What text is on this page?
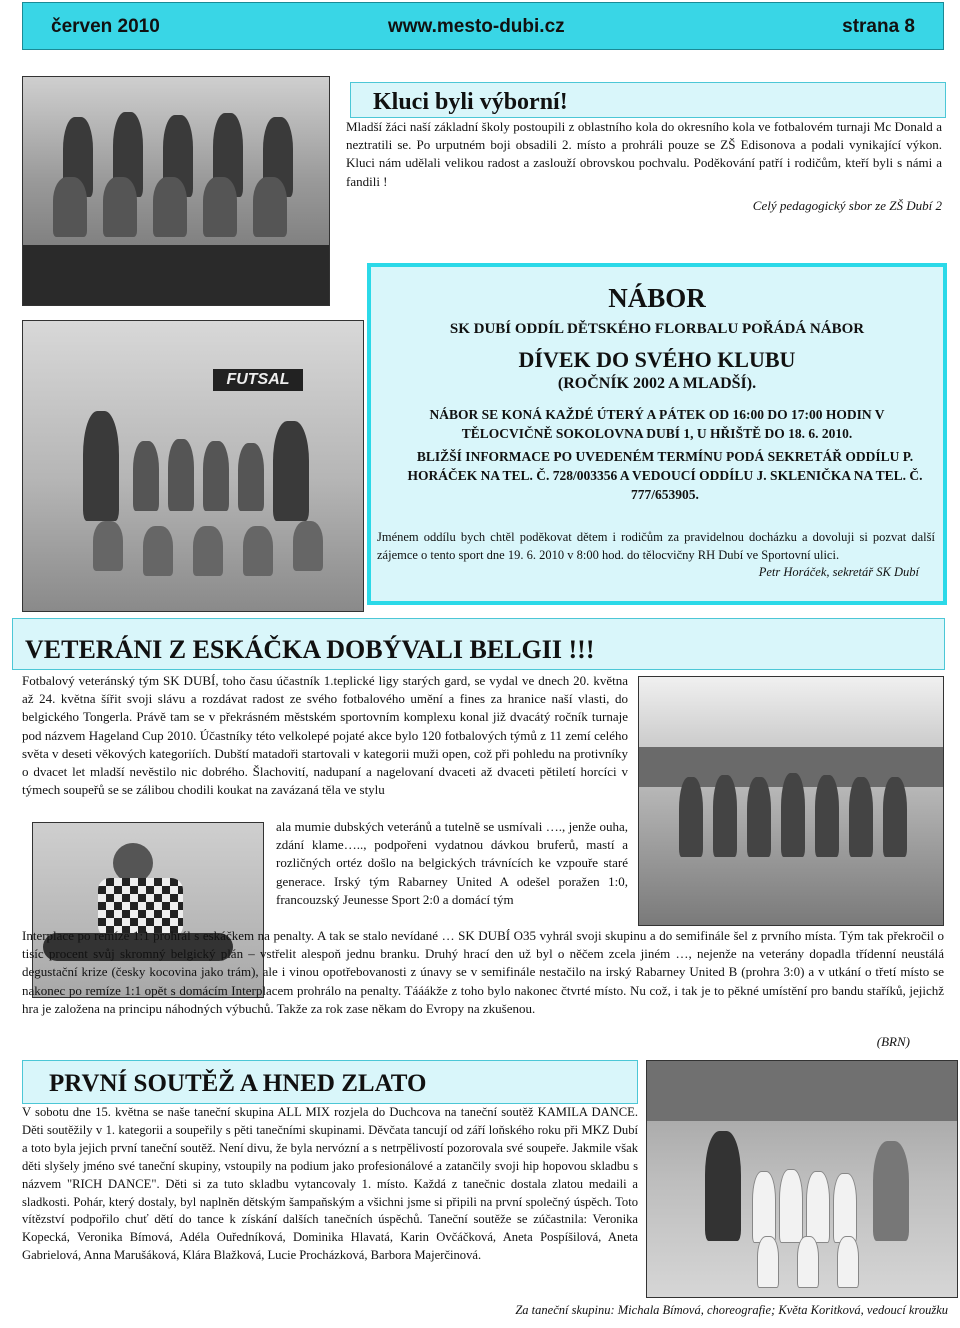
červen 2010	www.mesto-dubi.cz	strana 8
Kluci byli výborní!
Mladší žáci naší základní školy postoupili z oblastního kola do okresního kola ve fotbalovém turnaji Mc Donald a neztratili se. Po urputném boji obsadili 2. místo a prohráli pouze se ZŠ Edisonova a podali vynikající výkon. Kluci nám udělali velikou radost a zaslouží obrovskou pochvalu. Poděkování patří i rodičům, kteří byli s námi a fandili !
Celý pedagogický sbor ze ZŠ Dubí 2
FUTSAL
NÁBOR
SK DUBÍ ODDÍL DĚTSKÉHO FLORBALU POŘÁDÁ NÁBOR
DÍVEK DO SVÉHO KLUBU
(ROČNÍK 2002 A MLADŠÍ).
NÁBOR SE KONÁ KAŽDÉ ÚTERÝ A PÁTEK OD 16:00 DO 17:00 HODIN V TĚLOCVIČNĚ SOKOLOVNA DUBÍ 1, U HŘIŠTĚ DO 18. 6. 2010.
BLIŽŠÍ INFORMACE PO UVEDENÉM TERMÍNU PODÁ SEKRETÁŘ ODDÍLU P. HORÁČEK NA TEL. Č. 728/003356 A VEDOUCÍ ODDÍLU J. SKLENIČKA NA TEL. Č. 777/653905.
Jménem oddílu bych chtěl poděkovat dětem i rodičům za pravidelnou docházku a dovoluji si pozvat další zájemce o tento sport dne 19. 6. 2010 v 8:00 hod. do tělocvičny RH Dubí ve Sportovní ulici.
Petr Horáček, sekretář SK Dubí
VETERÁNI Z ESKÁČKA DOBÝVALI BELGII !!!
Fotbalový veteránský tým SK DUBÍ, toho času účastník 1.teplické ligy starých gard, se vydal ve dnech 20. května až 24. května šířit svoji slávu a rozdávat radost ze svého fotbalového umění a fines za hranice naší vlasti, do belgického Tongerla. Právě tam se v překrásném městském sportovním komplexu konal již dvacátý ročník turnaje pod názvem Hageland Cup 2010. Účastníky této velkolepé pojaté akce bylo 120 fotbalových týmů z 11 zemí celého světa v deseti věkových kategoriích. Dubští matadoři startovali v kategorii muži open, což při pohledu na protivníky o dvacet let mladší nevěstilo nic dobrého. Šlachovití, nadupaní a nagelovaní dvaceti až dvaceti pětiletí horcíci v týmech soupeřů se se zálibou chodili koukat na zavázaná těla ve stylu
ala mumie dubských veteránů a tutelně se usmívali …., jenže ouha, zdání klame….., podpořeni vydatnou dávkou bruferů, mastí a rozličných ortéz došlo na belgických trávnících ke vzpouře staré generace. Irský tým Rabarney United A odešel poražen 1:0, francouzský Jeunesse Sport 2:0 a domácí tým
Interplace po remíze 1:1 prohrál s eskáčkem na penalty. A tak se stalo nevídané … SK DUBÍ O35 vyhrál svoji skupinu a do semifinále šel z prvního místa. Tým tak překročil o tisíc procent svůj skromný belgický plán – vstřelit alespoň jednu branku. Druhý hrací den už byl o něčem zcela jiném …, nejenže na veterány dopadla třídenní neustálá degustační krize (česky kocovina jako trám), ale i vinou opotřebovanosti z únavy se v semifinále nestačilo na irský Rabarney United B (prohra 3:0) a v utkání o třetí místo se nakonec po remíze 1:1 opět s domácím Interplacem prohrálo na penalty. Tááákže z toho bylo nakonec čtvrté místo. Nu což, i tak je to pěkné umístění pro bandu staříků, jejichž hra je založena na principu náhodných výbuchů. Takže za rok zase někam do Evropy na zkušenou.
(BRN)
PRVNÍ SOUTĚŽ A HNED ZLATO
V sobotu dne 15. května se naše taneční skupina ALL MIX rozjela do Duchcova na taneční soutěž KAMILA DANCE. Děti soutěžily v 1. kategorii a soupeřily s pěti tanečními skupinami. Děvčata tancují od září loňského roku při MKZ Dubí a toto byla jejich první taneční soutěž. Není divu, že byla nervózní a s netrpělivostí pozorovala své soupeře. Jakmile však děti slyšely jméno své taneční skupiny, vstoupily na podium jako profesionálové a zatančily svoji hip hopovou skladbu s názvem "RICH DANCE". Děti si za tuto skladbu vytancovaly 1. místo. Každá z tanečnic dostala zlatou medaili a sladkosti. Pohár, který dostaly, byl naplněn dětským šampaňským a všichni jsme si připili na první společný úspěch. Toto vítězství podpořilo chuť dětí do tance k získání dalších tanečních úspěchů. Taneční soutěže se zúčastnila: Veronika Kopecká, Veronika Bímová, Adéla Ouředníková, Dominika Hlavatá, Karin Ovčáčková, Aneta Pospíšilová, Aneta Gabrielová, Anna Marušáková, Klára Blažková, Lucie Procházková, Barbora Majerčinová.
Za taneční skupinu: Michala Bímová, choreografie; Květa Koritková, vedoucí kroužku
